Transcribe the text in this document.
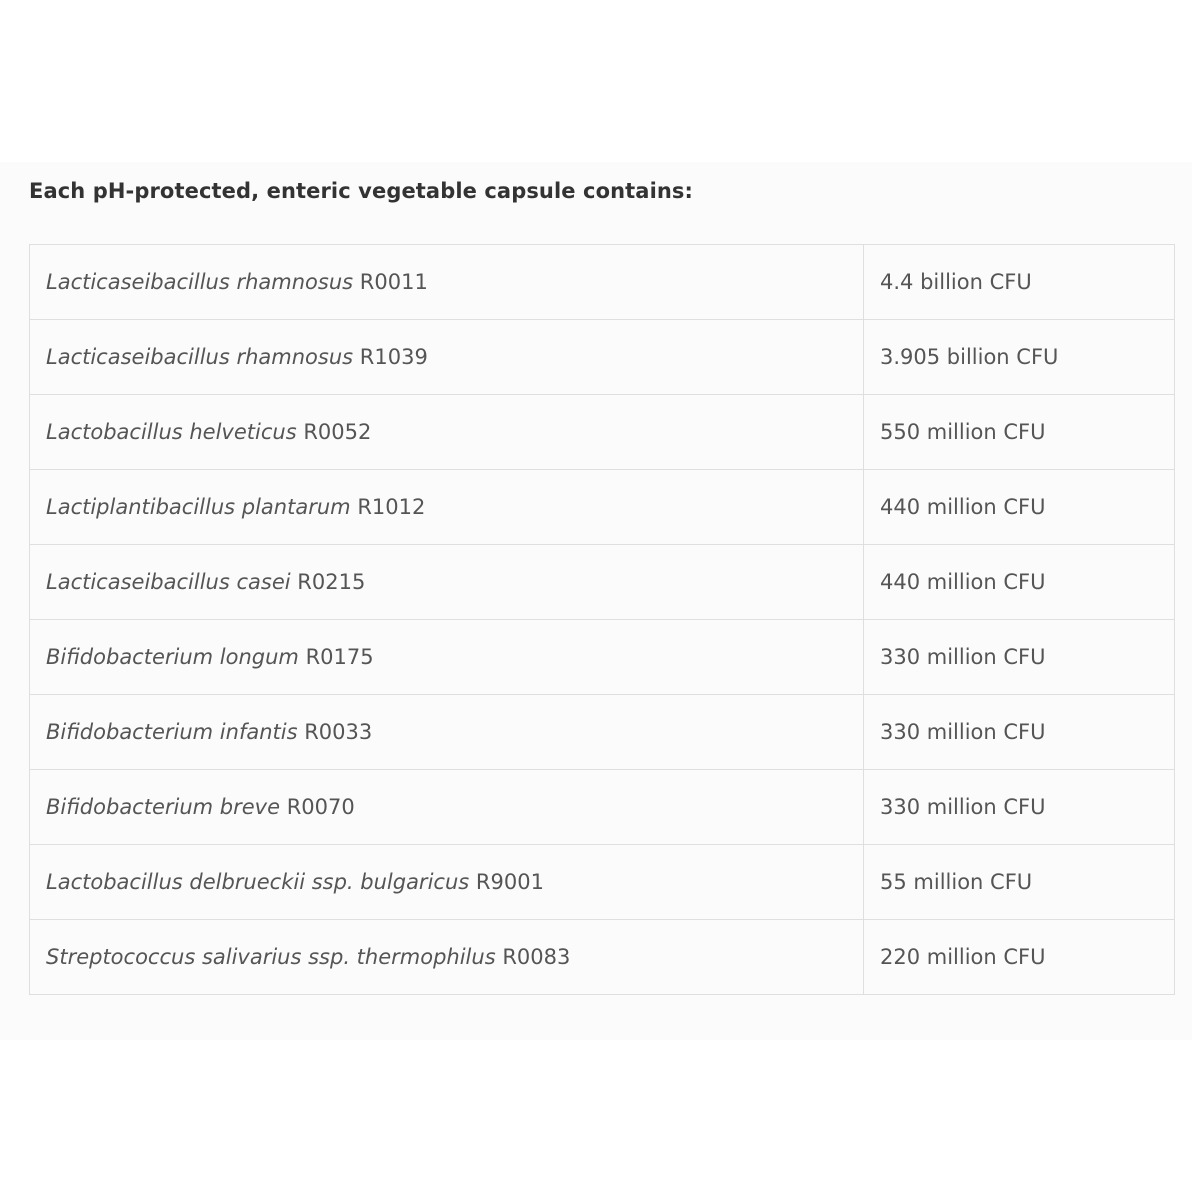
Each pH-protected, enteric vegetable capsule contains:
Lacticaseibacillus rhamnosus R0011	4.4 billion CFU
Lacticaseibacillus rhamnosus R1039	3.905 billion CFU
Lactobacillus helveticus R0052	550 million CFU
Lactiplantibacillus plantarum R1012	440 million CFU
Lacticaseibacillus casei R0215	440 million CFU
Bifidobacterium longum R0175	330 million CFU
Bifidobacterium infantis R0033	330 million CFU
Bifidobacterium breve R0070	330 million CFU
Lactobacillus delbrueckii ssp. bulgaricus R9001	55 million CFU
Streptococcus salivarius ssp. thermophilus R0083	220 million CFU
